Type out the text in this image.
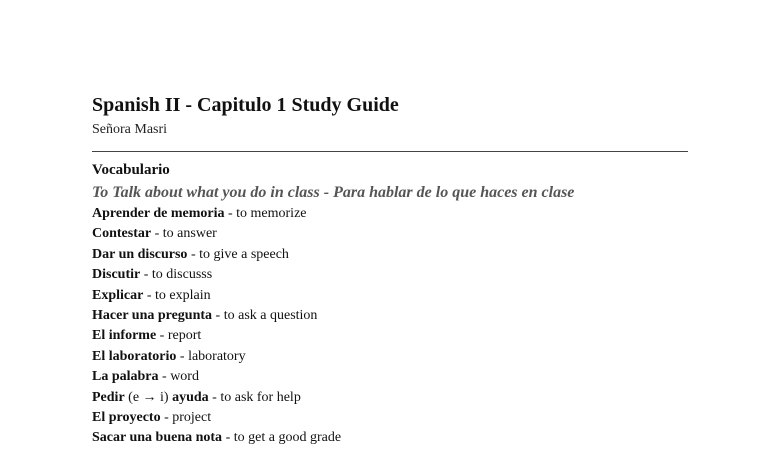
Spanish II - Capitulo 1 Study Guide
Señora Masri
Vocabulario
To Talk about what you do in class - Para hablar de lo que haces en clase
Aprender de memoria - to memorize
Contestar - to answer
Dar un discurso - to give a speech
Discutir - to discusss
Explicar - to explain
Hacer una pregunta - to ask a question
El informe - report
El laboratorio - laboratory
La palabra - word
Pedir (e → i) ayuda - to ask for help
El proyecto - project
Sacar una buena nota - to get a good grade
